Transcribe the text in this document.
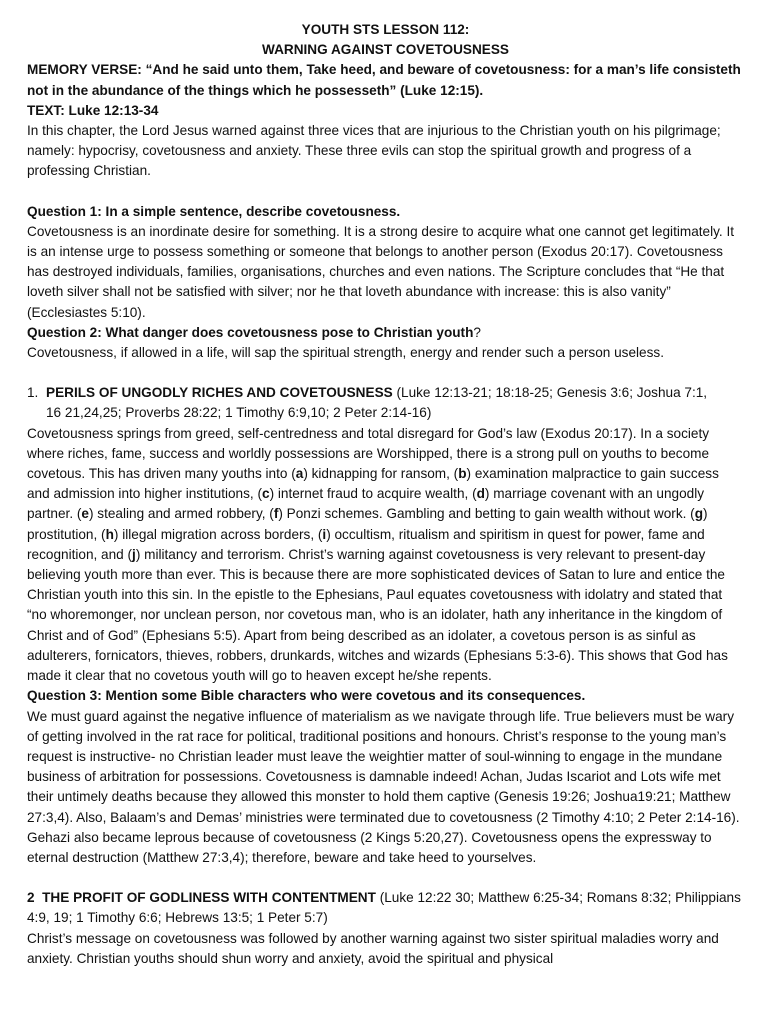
YOUTH STS LESSON 112:
WARNING AGAINST COVETOUSNESS

MEMORY VERSE: “And he said unto them, Take heed, and beware of covetousness: for a man’s life consisteth not in the abundance of the things which he possesseth” (Luke 12:15).

TEXT: Luke 12:13-34

In this chapter, the Lord Jesus warned against three vices that are injurious to the Christian youth on his pilgrimage; namely: hypocrisy, covetousness and anxiety. These three evils can stop the spiritual growth and progress of a professing Christian.

Question 1: In a simple sentence, describe covetousness.

Covetousness is an inordinate desire for something. It is a strong desire to acquire what one cannot get legitimately. It is an intense urge to possess something or someone that belongs to another person (Exodus 20:17). Covetousness has destroyed individuals, families, organisations, churches and even nations. The Scripture concludes that “He that loveth silver shall not be satisfied with silver; nor he that loveth abundance with increase: this is also vanity” (Ecclesiastes 5:10).

Question 2: What danger does covetousness pose to Christian youth?

Covetousness, if allowed in a life, will sap the spiritual strength, energy and render such a person useless.

1. PERILS OF UNGODLY RICHES AND COVETOUSNESS (Luke 12:13-21; 18:18-25; Genesis 3:6; Joshua 7:1,

16 21,24,25; Proverbs 28:22; 1 Timothy 6:9,10; 2 Peter 2:14-16)

Covetousness springs from greed, self-centredness and total disregard for God’s law (Exodus 20:17). In a society where riches, fame, success and worldly possessions are Worshipped, there is a strong pull on youths to become covetous. This has driven many youths into (a) kidnapping for ransom, (b) examination malpractice to gain success and admission into higher institutions, (c) internet fraud to acquire wealth, (d) marriage covenant with an ungodly partner. (e) stealing and armed robbery, (f) Ponzi schemes. Gambling and betting to gain wealth without work. (g) prostitution, (h) illegal migration across borders, (i) occultism, ritualism and spiritism in quest for power, fame and recognition, and (j) militancy and terrorism. Christ’s warning against covetousness is very relevant to present-day believing youth more than ever. This is because there are more sophisticated devices of Satan to lure and entice the Christian youth into this sin. In the epistle to the Ephesians, Paul equates covetousness with idolatry and stated that “no whoremonger, nor unclean person, nor covetous man, who is an idolater, hath any inheritance in the kingdom of Christ and of God” (Ephesians 5:5). Apart from being described as an idolater, a covetous person is as sinful as adulterers, fornicators, thieves, robbers, drunkards, witches and wizards (Ephesians 5:3-6). This shows that God has made it clear that no covetous youth will go to heaven except he/she repents.

Question 3: Mention some Bible characters who were covetous and its consequences.

We must guard against the negative influence of materialism as we navigate through life. True believers must be wary of getting involved in the rat race for political, traditional positions and honours. Christ’s response to the young man’s request is instructive- no Christian leader must leave the weightier matter of soul-winning to engage in the mundane business of arbitration for possessions. Covetousness is damnable indeed! Achan, Judas Iscariot and Lots wife met their untimely deaths because they allowed this monster to hold them captive (Genesis 19:26; Joshua19:21; Matthew 27:3,4). Also, Balaam’s and Demas’ ministries were terminated due to covetousness (2 Timothy 4:10; 2 Peter 2:14-16). Gehazi also became leprous because of covetousness (2 Kings 5:20,27). Covetousness opens the expressway to eternal destruction (Matthew 27:3,4); therefore, beware and take heed to yourselves.

2 THE PROFIT OF GODLINESS WITH CONTENTMENT (Luke 12:22 30; Matthew 6:25-34; Romans 8:32; Philippians 4:9, 19; 1 Timothy 6:6; Hebrews 13:5; 1 Peter 5:7)

Christ’s message on covetousness was followed by another warning against two sister spiritual maladies worry and anxiety. Christian youths should shun worry and anxiety, avoid the spiritual and physical
